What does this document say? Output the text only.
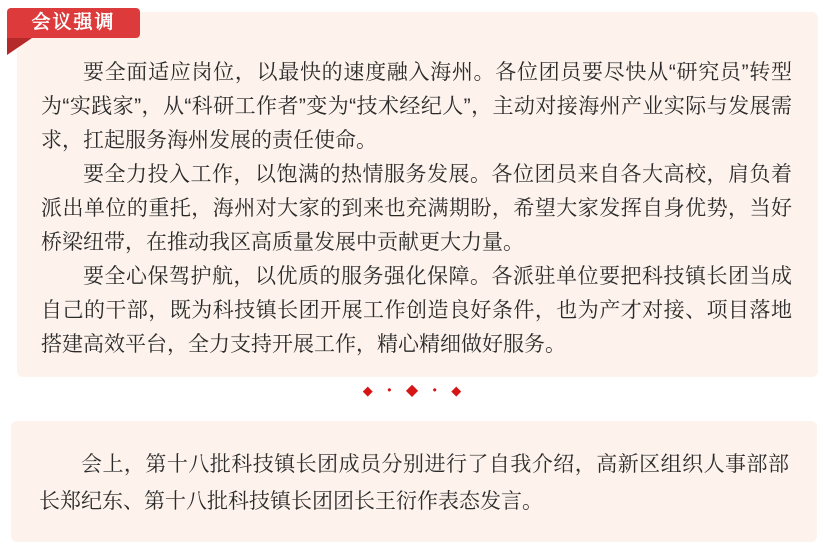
会议强调

要全面适应岗位，以最快的速度融入海州。各位团员要尽快从“研究员”转型为“实践家”，从“科研工作者”变为“技术经纪人”，主动对接海州产业实际与发展需求，扛起服务海州发展的责任使命。

要全力投入工作，以饱满的热情服务发展。各位团员来自各大高校，肩负着派出单位的重托，海州对大家的到来也充满期盼，希望大家发挥自身优势，当好桥梁纽带，在推动我区高质量发展中贡献更大力量。

要全心保驾护航，以优质的服务强化保障。各派驻单位要把科技镇长团当成自己的干部，既为科技镇长团开展工作创造良好条件，也为产才对接、项目落地搭建高效平台，全力支持开展工作，精心精细做好服务。

◆ • ◆ • ◆

会上，第十八批科技镇长团成员分别进行了自我介绍，高新区组织人事部部长郑纪东、第十八批科技镇长团团长王衍作表态发言。
